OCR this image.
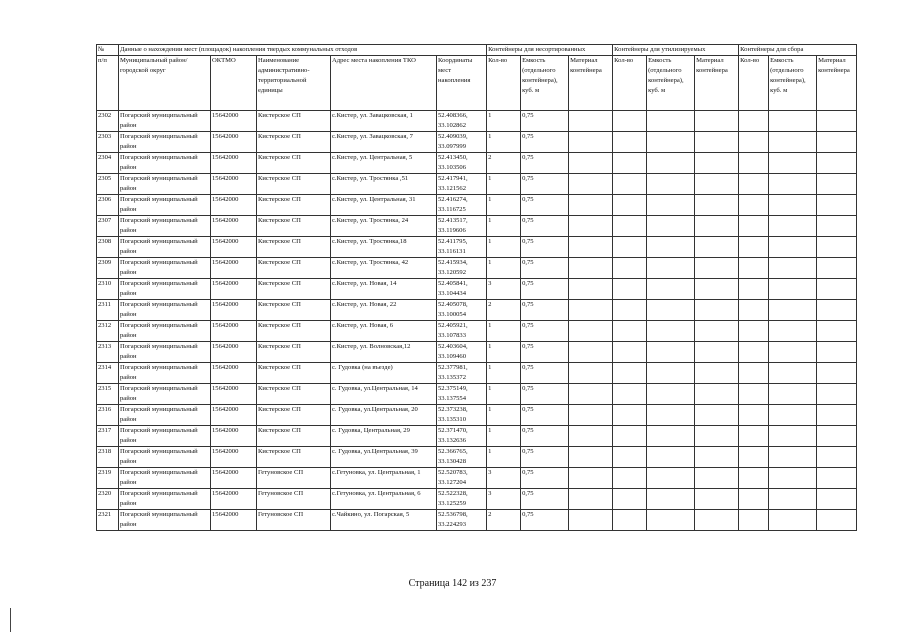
№	Данные о нахождении мест (площадок) накопления твердых коммунальных отходов					Контейнеры для несортированных			Контейнеры для утилизируемых			Контейнеры для сбора		
п/п	Муниципальный район/городской округ	ОКТМО	Наименование административно-территориальной единицы	Адрес места накопления ТКО	Координаты мест накопления	Кол-во	Емкость (отдельного контейнера), куб. м	Материал контейнера	Кол-во	Емкость (отдельного контейнера), куб. м	Материал контейнера	Кол-во	Емкость (отдельного контейнера), куб. м	Материал контейнера
2302	Погарский муниципальный район	15642000	Кистерское СП	с.Кистер, ул. Завацковская, 1	52.408366, 33.102862	1	0,75							
2303	Погарский муниципальный район	15642000	Кистерское СП	с.Кистер, ул. Завацковская, 7	52.409039, 33.097999	1	0,75							
2304	Погарский муниципальный район	15642000	Кистерское СП	с.Кистер, ул. Центральная, 5	52.413450, 33.103506	2	0,75							
2305	Погарский муниципальный район	15642000	Кистерское СП	с.Кистер, ул. Тростянка ,51	52.417941, 33.121562	1	0,75							
2306	Погарский муниципальный район	15642000	Кистерское СП	с.Кистер, ул. Центральная, 31	52.416274, 33.116725	1	0,75							
2307	Погарский муниципальный район	15642000	Кистерское СП	с.Кистер, ул. Тростянка, 24	52.413517, 33.119606	1	0,75							
2308	Погарский муниципальный район	15642000	Кистерское СП	с.Кистер, ул. Тростянка,18	52.411795, 33.116131	1	0,75							
2309	Погарский муниципальный район	15642000	Кистерское СП	с.Кистер, ул. Тростянка, 42	52.415934, 33.120592	1	0,75							
2310	Погарский муниципальный район	15642000	Кистерское СП	с.Кистер, ул. Новая, 14	52.405841, 33.104434	3	0,75							
2311	Погарский муниципальный район	15642000	Кистерское СП	с.Кистер, ул. Новая, 22	52.405078, 33.100054	2	0,75							
2312	Погарский муниципальный район	15642000	Кистерское СП	с.Кистер, ул. Новая, 6	52.405921, 33.107833	1	0,75							
2313	Погарский муниципальный район	15642000	Кистерское СП	с.Кистер, ул. Волновская,12	52.403604, 33.109460	1	0,75							
2314	Погарский муниципальный район	15642000	Кистерское СП	с. Гудовка (на въезде)	52.377981, 33.135372	1	0,75							
2315	Погарский муниципальный район	15642000	Кистерское СП	с. Гудовка, ул.Центральная, 14	52.375149, 33.137554	1	0,75							
2316	Погарский муниципальный район	15642000	Кистерское СП	с. Гудовка, ул.Центральная, 20	52.373238, 33.135310	1	0,75							
2317	Погарский муниципальный район	15642000	Кистерское СП	с. Гудовка, Центральная, 29	52.371470, 33.132636	1	0,75							
2318	Погарский муниципальный район	15642000	Кистерское СП	с. Гудовка, ул.Центральная, 39	52.366765, 33.130428	1	0,75							
2319	Погарский муниципальный район	15642000	Гетуновское СП	с.Гетуновка, ул. Центральная, 1	52.520783, 33.127204	3	0,75							
2320	Погарский муниципальный район	15642000	Гетуновское СП	с.Гетуновка, ул. Центральная, 6	52.522328, 33.125259	3	0,75							
2321	Погарский муниципальный район	15642000	Гетуновское СП	с.Чайкино, ул. Погарская, 5	52.536798, 33.224293	2	0,75							
Страница 142 из 237
